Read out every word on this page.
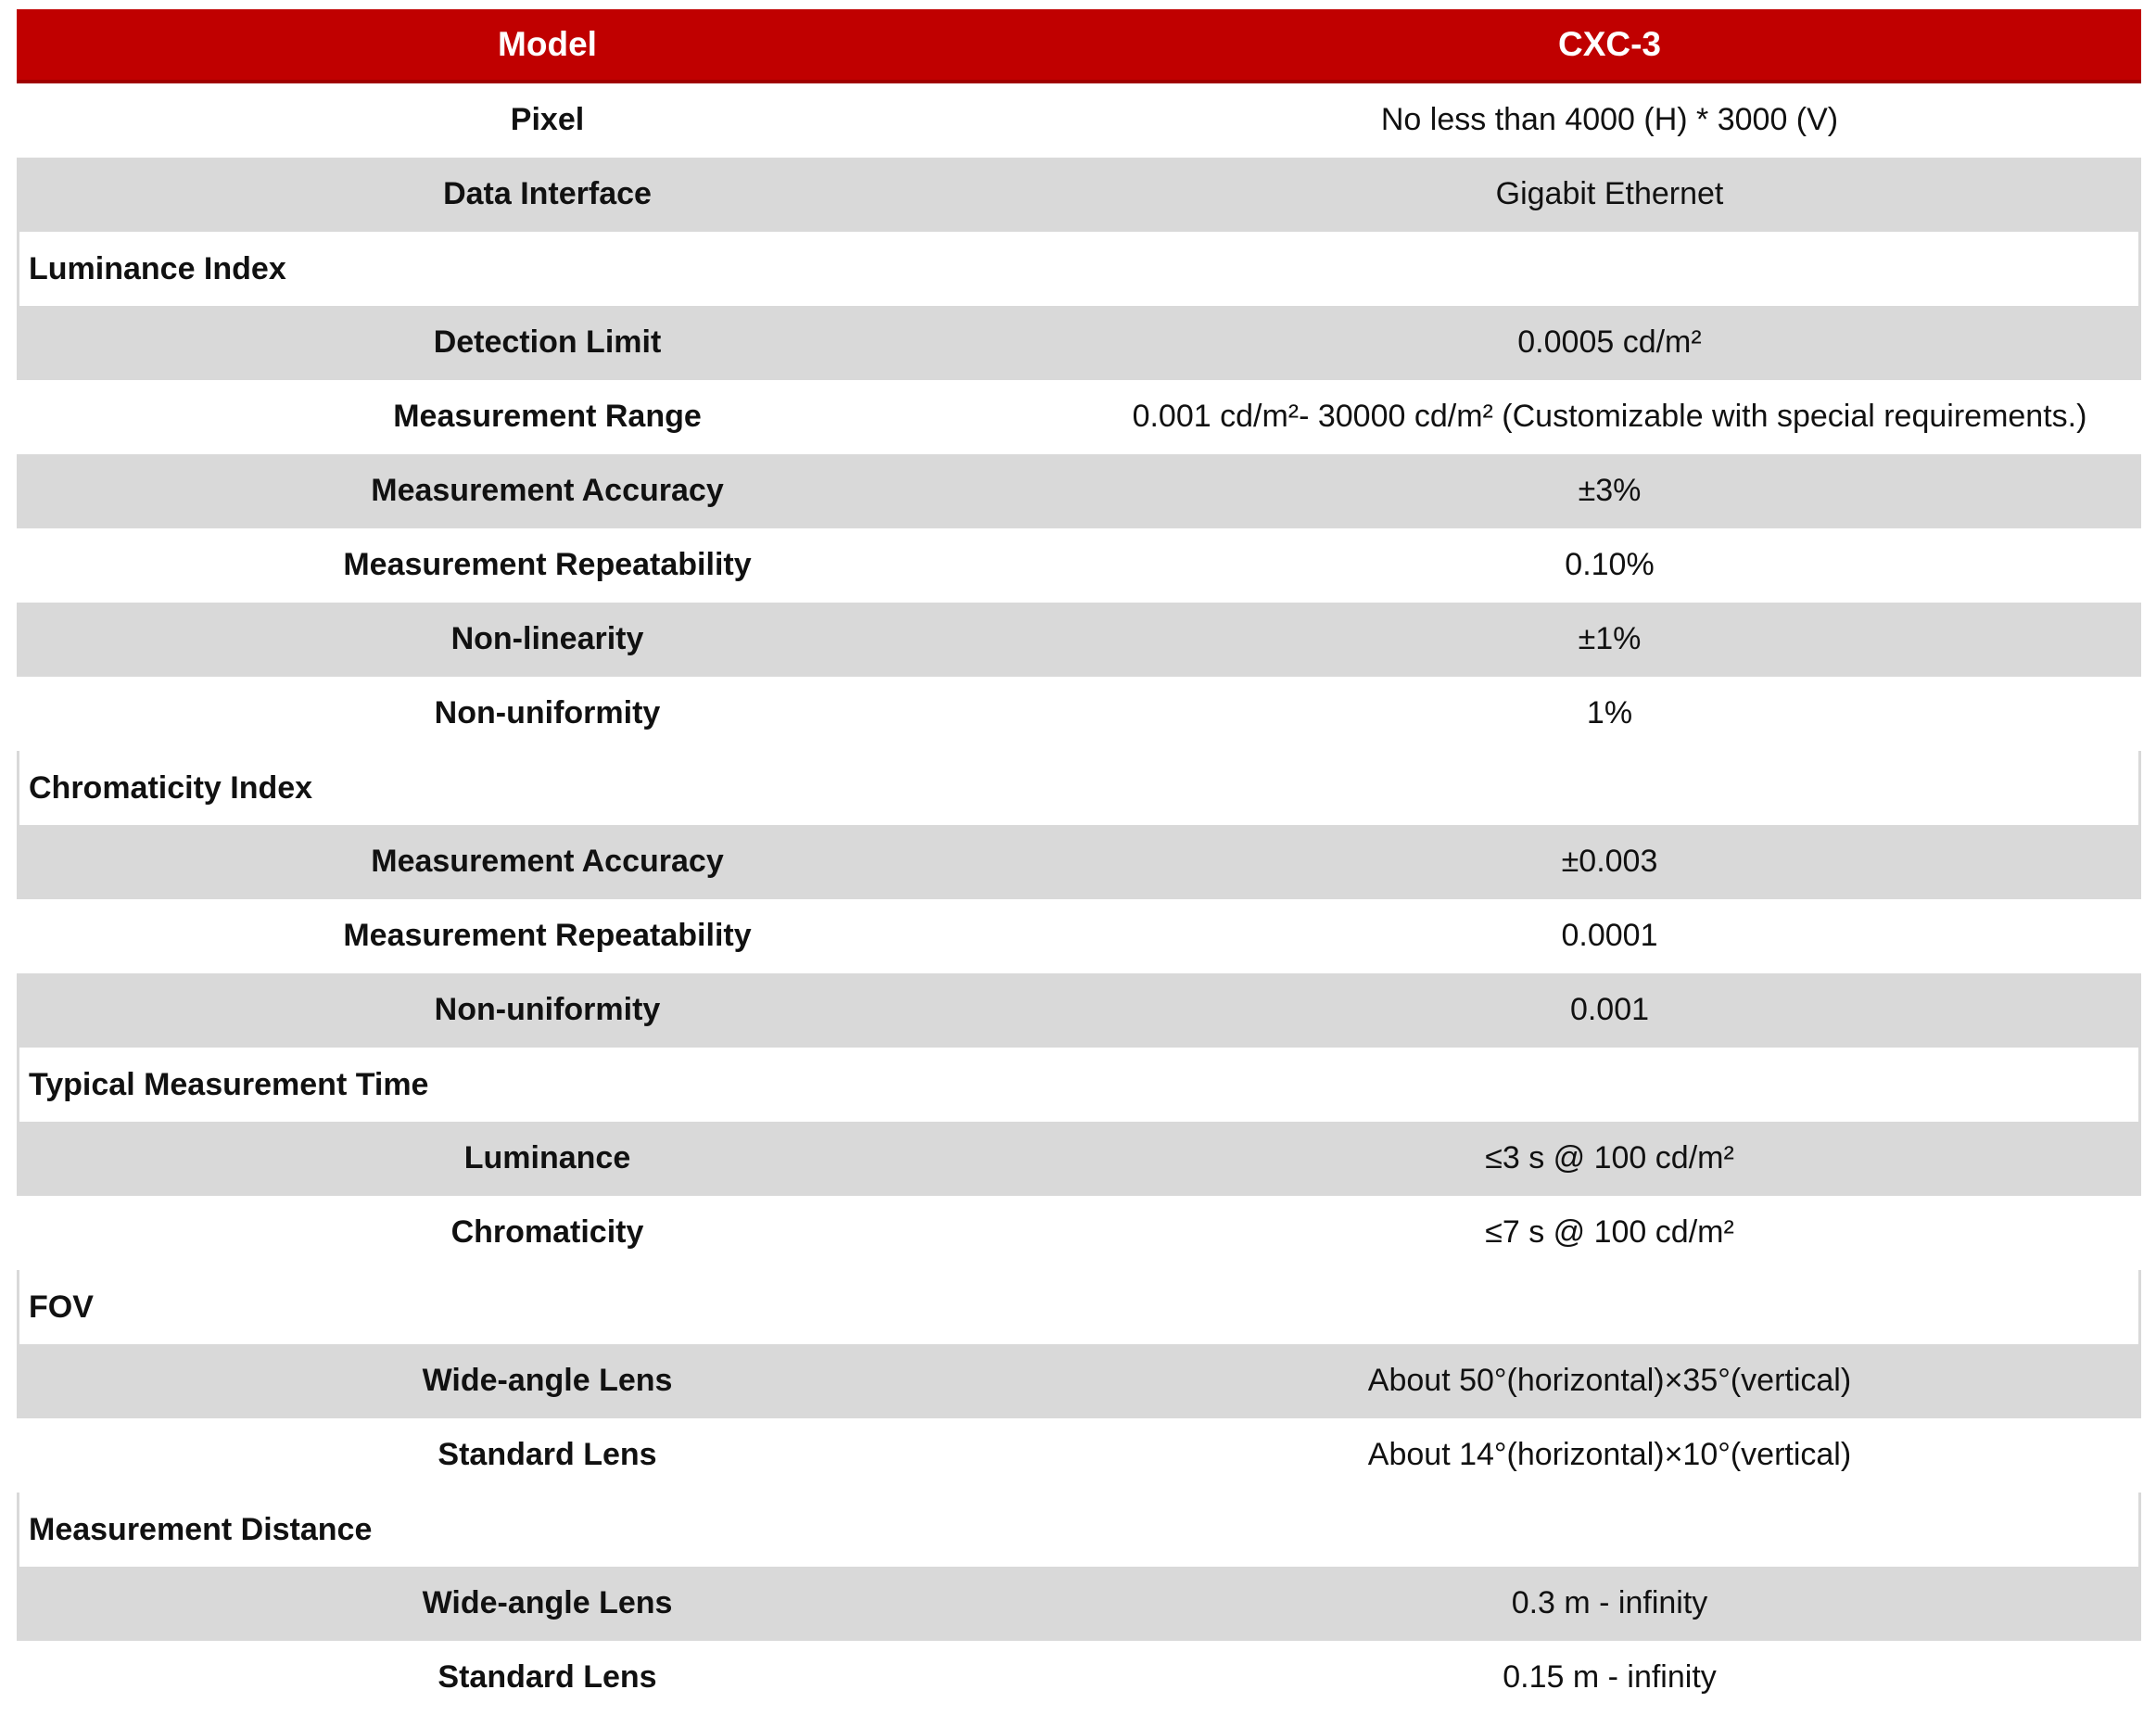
Model	CXC-3
Pixel	No less than 4000 (H) * 3000 (V)
Data Interface	Gigabit Ethernet
Luminance Index
Detection Limit	0.0005 cd/m²
Measurement Range	0.001 cd/m²- 30000 cd/m² (Customizable with special requirements.)
Measurement Accuracy	±3%
Measurement Repeatability	0.10%
Non-linearity	±1%
Non-uniformity	1%
Chromaticity Index
Measurement Accuracy	±0.003
Measurement Repeatability	0.0001
Non-uniformity	0.001
Typical Measurement Time
Luminance	≤3 s @ 100 cd/m²
Chromaticity	≤7 s @ 100 cd/m²
FOV
Wide-angle Lens	About 50°(horizontal)×35°(vertical)
Standard Lens	About 14°(horizontal)×10°(vertical)
Measurement Distance
Wide-angle Lens	0.3 m - infinity
Standard Lens	0.15 m - infinity
